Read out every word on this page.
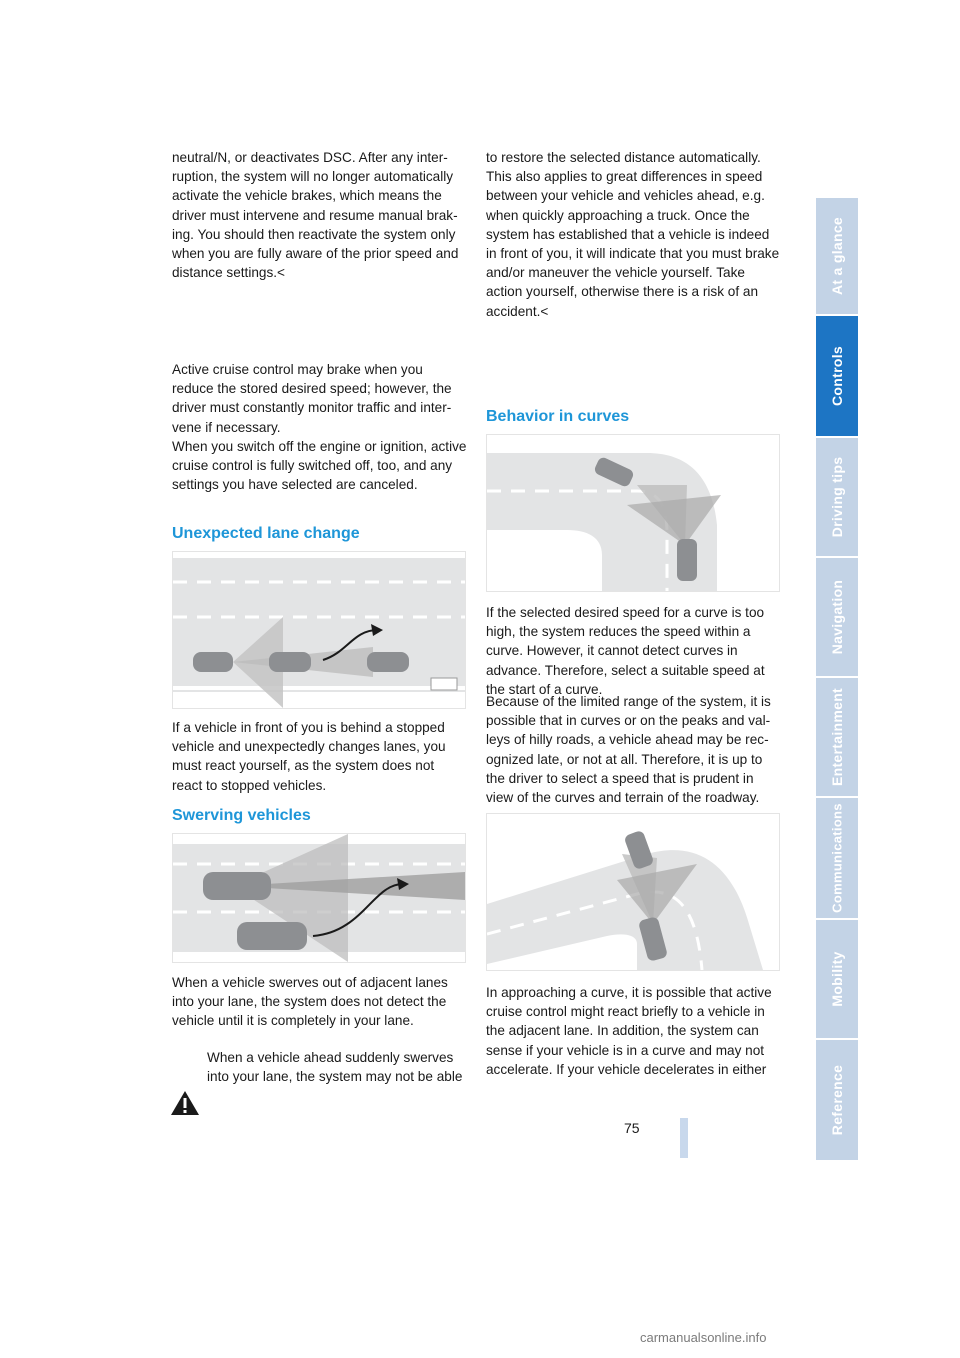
neutral/N, or deactivates DSC. After any interruption, the system will no longer automatically activate the vehicle brakes, which means the driver must intervene and resume manual braking. You should then reactivate the system only when you are fully aware of the prior speed and distance settings.<

Active cruise control may brake when you reduce the stored desired speed; however, the driver must constantly monitor traffic and intervene if necessary.

When you switch off the engine or ignition, active cruise control is fully switched off, too, and any settings you have selected are canceled.

Unexpected lane change

If a vehicle in front of you is behind a stopped vehicle and unexpectedly changes lanes, you must react yourself, as the system does not react to stopped vehicles.

Swerving vehicles

When a vehicle swerves out of adjacent lanes into your lane, the system does not detect the vehicle until it is completely in your lane.

When a vehicle ahead suddenly swerves into your lane, the system may not be able

to restore the selected distance automatically. This also applies to great differences in speed between your vehicle and vehicles ahead, e.g. when quickly approaching a truck. Once the system has established that a vehicle is indeed in front of you, it will indicate that you must brake and/or maneuver the vehicle yourself. Take action yourself, otherwise there is a risk of an accident.<

Behavior in curves

If the selected desired speed for a curve is too high, the system reduces the speed within a curve. However, it cannot detect curves in advance. Therefore, select a suitable speed at the start of a curve.

Because of the limited range of the system, it is possible that in curves or on the peaks and valleys of hilly roads, a vehicle ahead may be recognized late, or not at all. Therefore, it is up to the driver to select a speed that is prudent in view of the curves and terrain of the roadway.

In approaching a curve, it is possible that active cruise control might react briefly to a vehicle in the adjacent lane. In addition, the system can sense if your vehicle is in a curve and may not accelerate. If your vehicle decelerates in either

At a glance
Controls
Driving tips
Navigation
Entertainment
Communications
Mobility
Reference
75
carmanualsonline.info
